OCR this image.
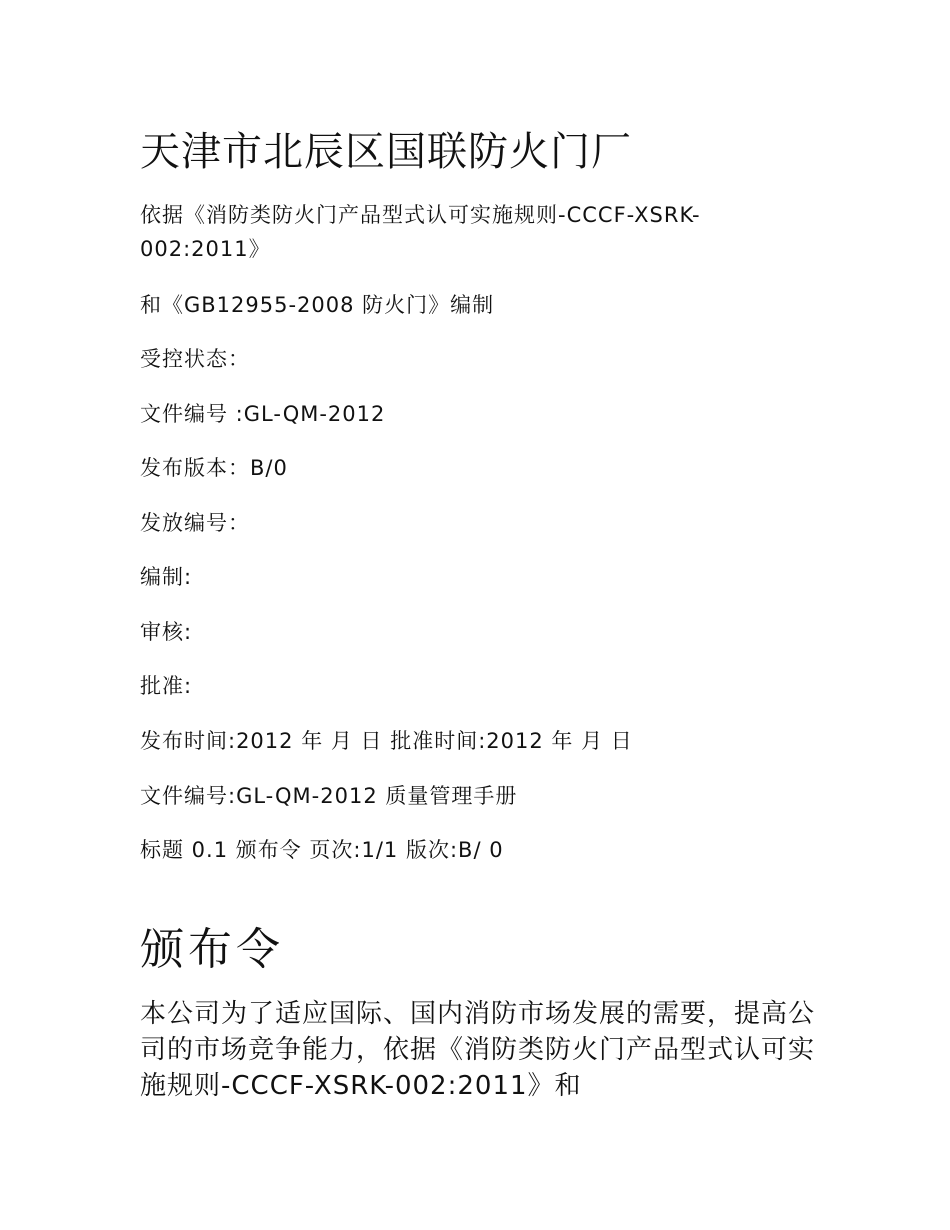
天津市北辰区国联防火门厂
依据《消防类防火门产品型式认可实施规则-CCCF-XSRK-002:2011》
和《GB12955-2008 防火门》编制
受控状态：
文件编号 :GL-QM-2012
发布版本：B/0
发放编号：
编制:
审核:
批准:
发布时间:2012 年 月 日 批准时间:2012 年 月 日
文件编号:GL-QM-2012 质量管理手册
标题 0.1 颁布令 页次:1/1 版次:B/ 0
颁布令

本公司为了适应国际、国内消防市场发展的需要，提高公司的市场竞争能力，依据《消防类防火门产品型式认可实施规则-CCCF-XSRK-002:2011》和
